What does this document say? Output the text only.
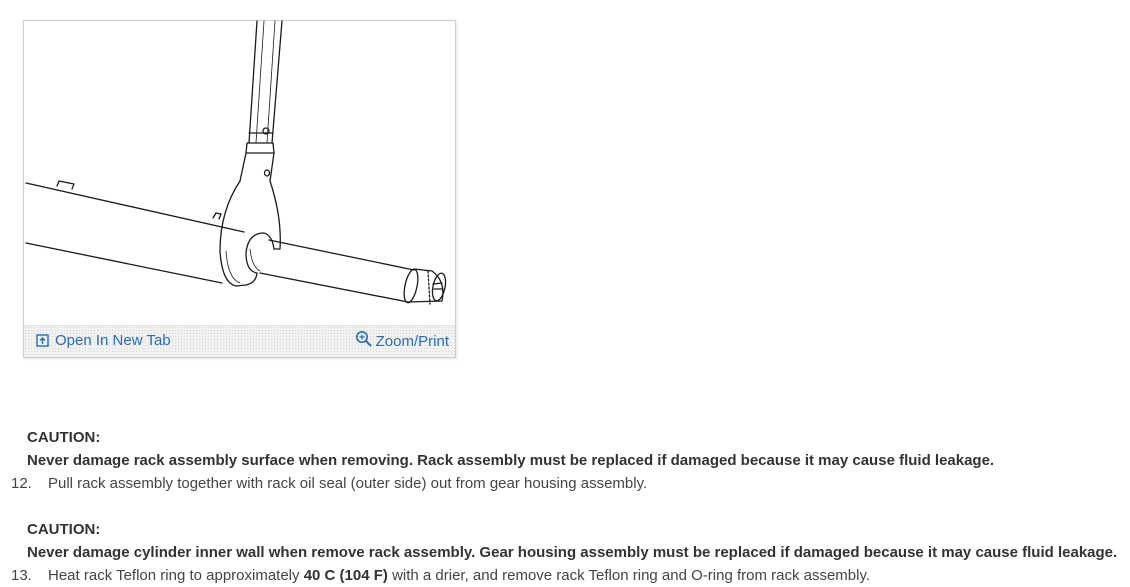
Open In New Tab	Zoom/Print
CAUTION:
Never damage rack assembly surface when removing. Rack assembly must be replaced if damaged because it may cause fluid leakage.
12. Pull rack assembly together with rack oil seal (outer side) out from gear housing assembly.
CAUTION:
Never damage cylinder inner wall when remove rack assembly. Gear housing assembly must be replaced if damaged because it may cause fluid leakage.
13. Heat rack Teflon ring to approximately 40 C (104 F) with a drier, and remove rack Teflon ring and O-ring from rack assembly.
